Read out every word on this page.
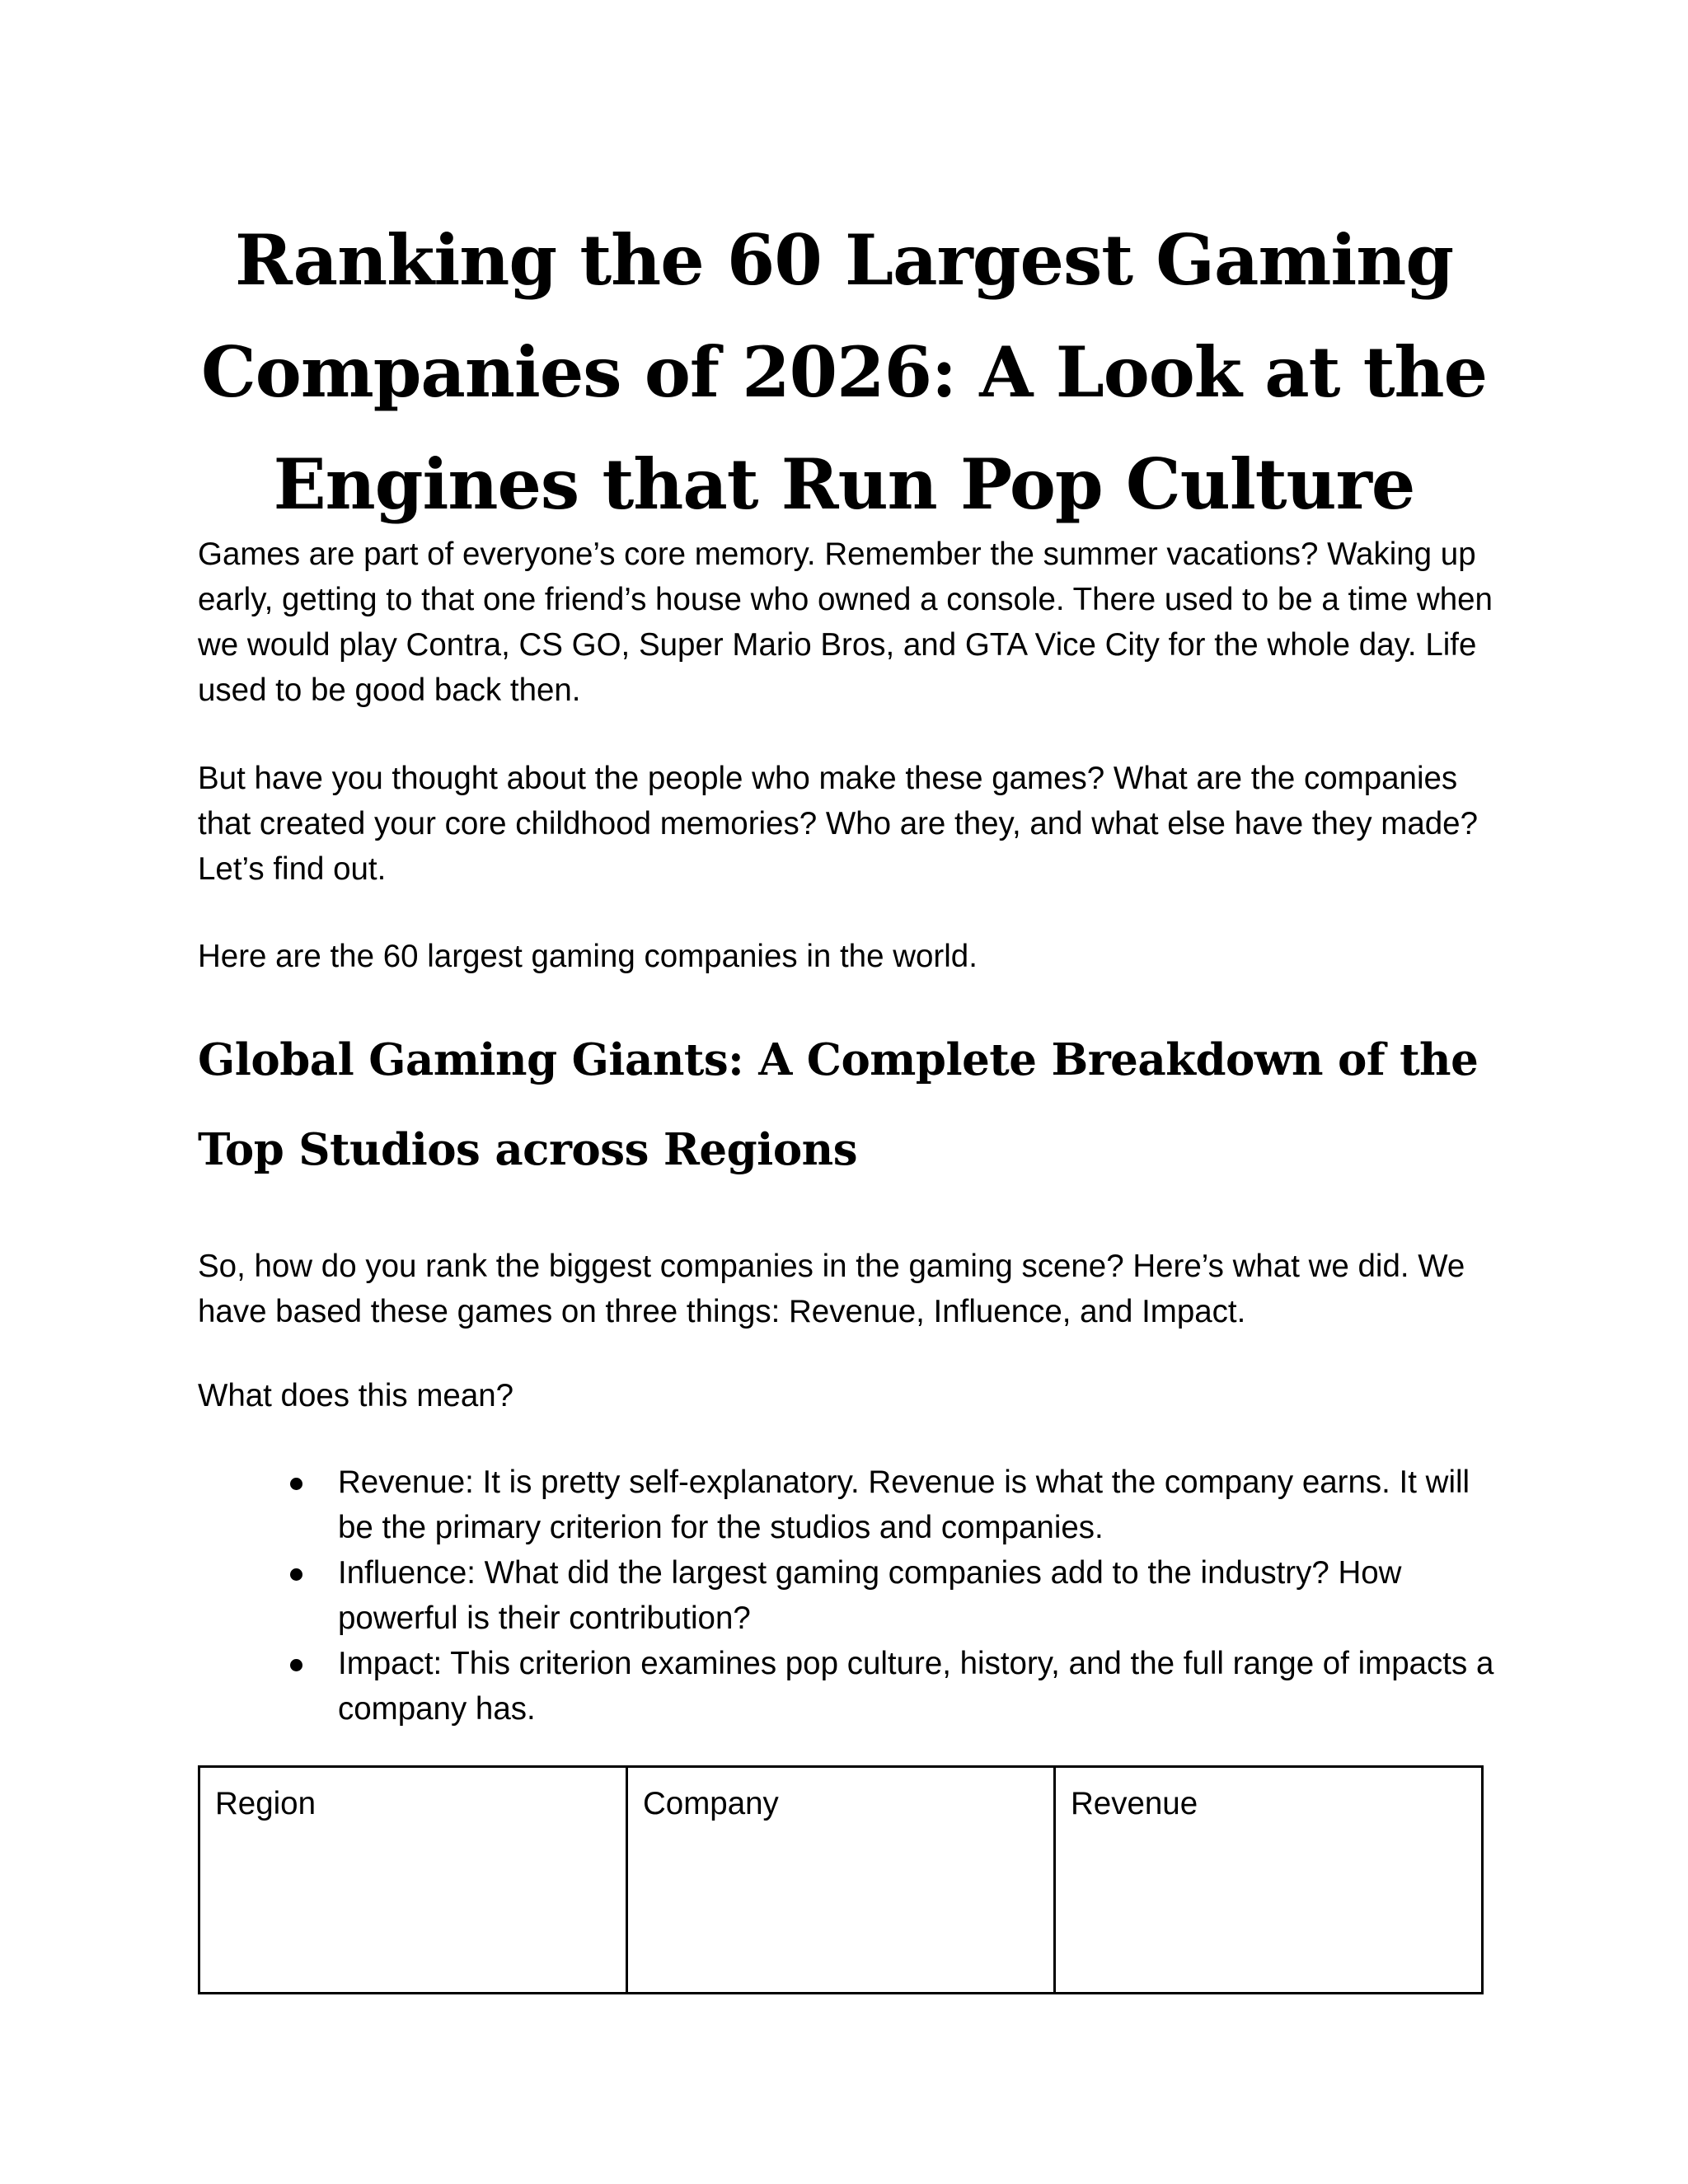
Ranking the 60 Largest Gaming Companies of 2026: A Look at the Engines that Run Pop Culture

Games are part of everyone’s core memory. Remember the summer vacations? Waking up early, getting to that one friend’s house who owned a console. There used to be a time when we would play Contra, CS GO, Super Mario Bros, and GTA Vice City for the whole day. Life used to be good back then.

But have you thought about the people who make these games? What are the companies that created your core childhood memories? Who are they, and what else have they made? Let’s find out.

Here are the 60 largest gaming companies in the world.

Global Gaming Giants: A Complete Breakdown of the Top Studios across Regions

So, how do you rank the biggest companies in the gaming scene? Here’s what we did. We have based these games on three things: Revenue, Influence, and Impact.

What does this mean?

Revenue: It is pretty self-explanatory. Revenue is what the company earns. It will be the primary criterion for the studios and companies.
Influence: What did the largest gaming companies add to the industry? How powerful is their contribution?
Impact: This criterion examines pop culture, history, and the full range of impacts a company has.
Region	Company	Revenue
